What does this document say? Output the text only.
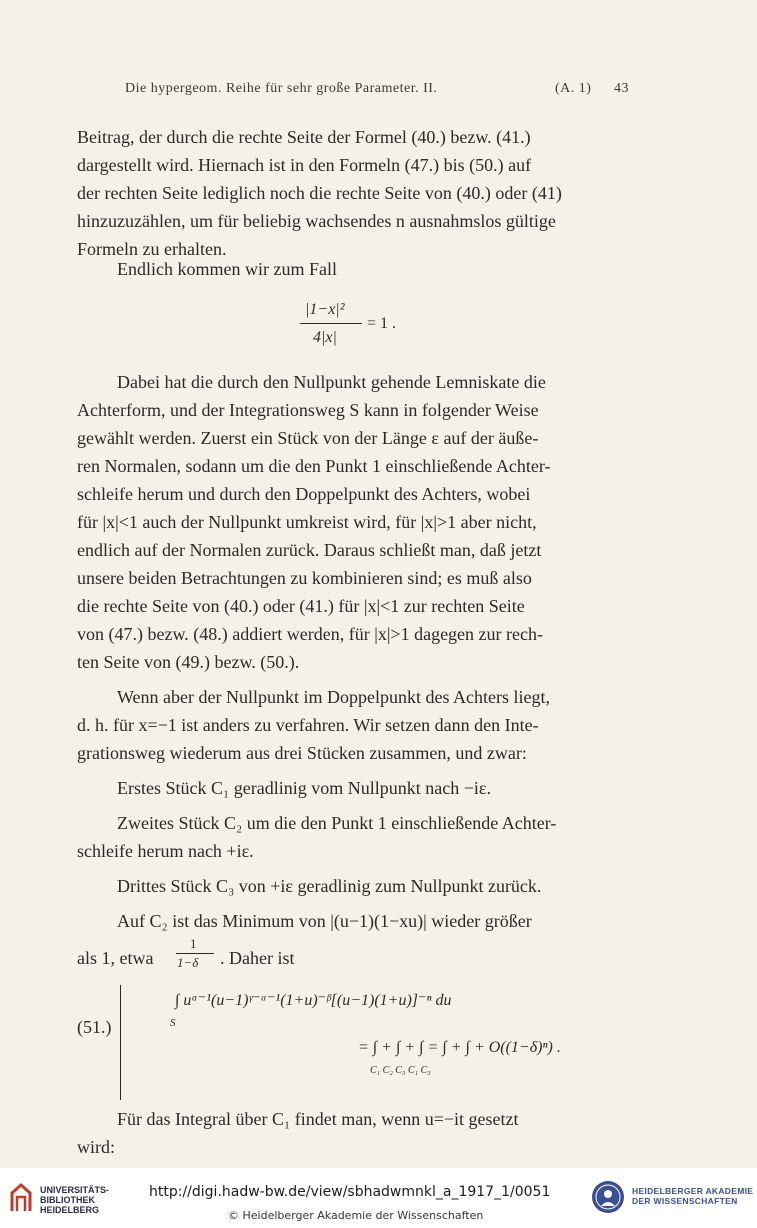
Die hypergeom. Reihe für sehr große Parameter. II.	(A. 1) 43
Beitrag, der durch die rechte Seite der Formel (40.) bezw. (41.)
dargestellt wird. Hiernach ist in den Formeln (47.) bis (50.) auf
der rechten Seite lediglich noch die rechte Seite von (40.) oder (41)
hinzuzuzählen, um für beliebig wachsendes n ausnahmslos gültige
Formeln zu erhalten.
Endlich kommen wir zum Fall
|1−x|²
4|x|
= 1 .
Dabei hat die durch den Nullpunkt gehende Lemniskate die
Achterform, und der Integrationsweg S kann in folgender Weise
gewählt werden. Zuerst ein Stück von der Länge ε auf der äuße-
ren Normalen, sodann um die den Punkt 1 einschließende Achter-
schleife herum und durch den Doppelpunkt des Achters, wobei
für |x|<1 auch der Nullpunkt umkreist wird, für |x|>1 aber nicht,
endlich auf der Normalen zurück. Daraus schließt man, daß jetzt
unsere beiden Betrachtungen zu kombinieren sind; es muß also
die rechte Seite von (40.) oder (41.) für |x|<1 zur rechten Seite
von (47.) bezw. (48.) addiert werden, für |x|>1 dagegen zur rech-
ten Seite von (49.) bezw. (50.).
Wenn aber der Nullpunkt im Doppelpunkt des Achters liegt,
d. h. für x=−1 ist anders zu verfahren. Wir setzen dann den Inte-
grationsweg wiederum aus drei Stücken zusammen, und zwar:
Erstes Stück C₁ geradlinig vom Nullpunkt nach −iε.
Zweites Stück C₂ um die den Punkt 1 einschließende Achter-
schleife herum nach +iε.
Drittes Stück C₃ von +iε geradlinig zum Nullpunkt zurück.
Auf C₂ ist das Minimum von |(u−1)(1−xu)| wieder größer
als 1, etwa
1
1−δ . Daher ist
(51.)
∫ uᵅ⁻¹(u−1)ᵞ⁻ᵅ⁻¹(1+u)⁻ᵝ[(u−1)(1+u)]⁻ⁿ du
S
= ∫ + ∫ + ∫ = ∫ + ∫ + O((1−δ)ⁿ) .
C₁ C₂ C₃ C₁ C₃
Für das Integral über C₁ findet man, wenn u=−it gesetzt
wird:
UNIVERSITÄTS-
BIBLIOTHEK
HEIDELBERG
http://digi.hadw-bw.de/view/sbhadwmnkl_a_1917_1/0051
© Heidelberger Akademie der Wissenschaften
HEIDELBERGER AKADEMIE
DER WISSENSCHAFTEN
